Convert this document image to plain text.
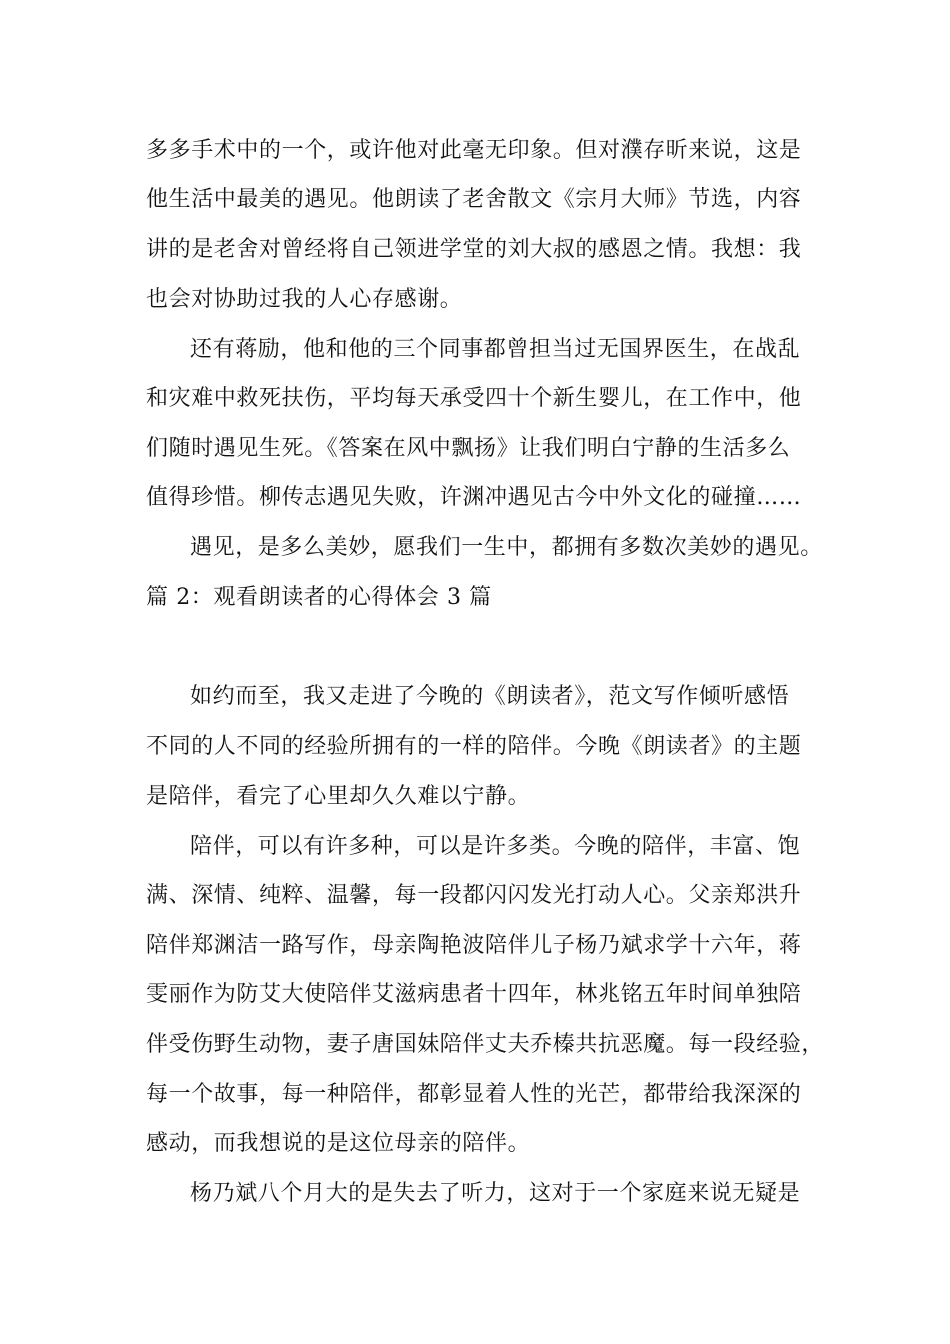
多多手术中的一个，或许他对此毫无印象。但对濮存昕来说，这是
他生活中最美的遇见。他朗读了老舍散文《宗月大师》节选，内容
讲的是老舍对曾经将自己领进学堂的刘大叔的感恩之情。我想：我
也会对协助过我的人心存感谢。
还有蒋励，他和他的三个同事都曾担当过无国界医生，在战乱
和灾难中救死扶伤，平均每天承受四十个新生婴儿，在工作中，他
们随时遇见生死。《答案在风中飘扬》让我们明白宁静的生活多么
值得珍惜。柳传志遇见失败，许渊冲遇见古今中外文化的碰撞……
遇见，是多么美妙，愿我们一生中，都拥有多数次美妙的遇见。
篇 2：观看朗读者的心得体会 3 篇
如约而至，我又走进了今晚的《朗读者》，范文写作倾听感悟
不同的人不同的经验所拥有的一样的陪伴。今晚《朗读者》的主题
是陪伴，看完了心里却久久难以宁静。
陪伴，可以有许多种，可以是许多类。今晚的陪伴，丰富、饱
满、深情、纯粹、温馨，每一段都闪闪发光打动人心。父亲郑洪升
陪伴郑渊洁一路写作，母亲陶艳波陪伴儿子杨乃斌求学十六年，蒋
雯丽作为防艾大使陪伴艾滋病患者十四年，林兆铭五年时间单独陪
伴受伤野生动物，妻子唐国妹陪伴丈夫乔榛共抗恶魔。每一段经验，
每一个故事，每一种陪伴，都彰显着人性的光芒，都带给我深深的
感动，而我想说的是这位母亲的陪伴。
杨乃斌八个月大的是失去了听力，这对于一个家庭来说无疑是
